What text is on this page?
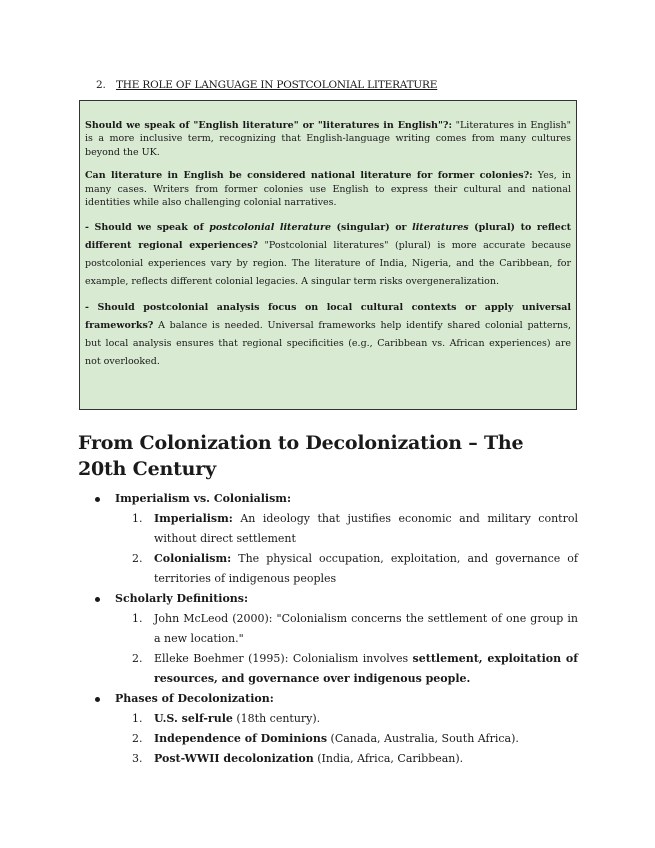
2. THE ROLE OF LANGUAGE IN POSTCOLONIAL LITERATURE

Should we speak of "English literature" or "literatures in English"?: "Literatures in English" is a more inclusive term, recognizing that English-language writing comes from many cultures beyond the UK.

Can literature in English be considered national literature for former colonies?: Yes, in many cases. Writers from former colonies use English to express their cultural and national identities while also challenging colonial narratives.

- Should we speak of postcolonial literature (singular) or literatures (plural) to reflect different regional experiences? "Postcolonial literatures" (plural) is more accurate because postcolonial experiences vary by region. The literature of India, Nigeria, and the Caribbean, for example, reflects different colonial legacies. A singular term risks overgeneralization.

- Should postcolonial analysis focus on local cultural contexts or apply universal frameworks? A balance is needed. Universal frameworks help identify shared colonial patterns, but local analysis ensures that regional specificities (e.g., Caribbean vs. African experiences) are not overlooked.

From Colonization to Decolonization – The 20th Century
Imperialism vs. Colonialism:
1. Imperialism: An ideology that justifies economic and military control without direct settlement
2. Colonialism: The physical occupation, exploitation, and governance of territories of indigenous peoples
Scholarly Definitions:
1. John McLeod (2000): "Colonialism concerns the settlement of one group in a new location."
2. Elleke Boehmer (1995): Colonialism involves settlement, exploitation of resources, and governance over indigenous people.
Phases of Decolonization:
1. U.S. self-rule (18th century).
2. Independence of Dominions (Canada, Australia, South Africa).
3. Post-WWII decolonization (India, Africa, Caribbean).
